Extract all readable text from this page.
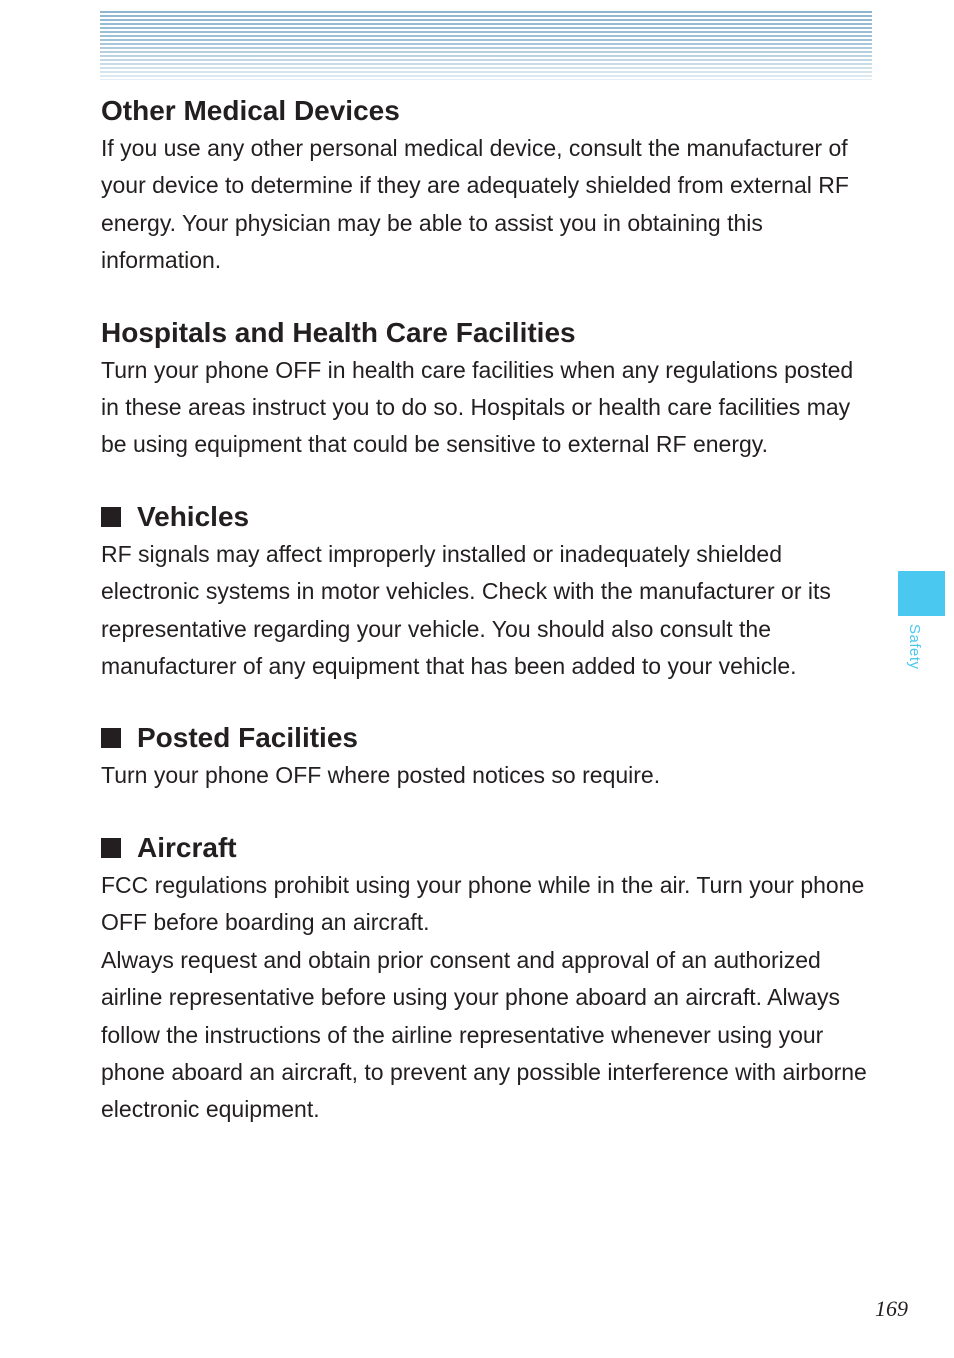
Other Medical Devices

If you use any other personal medical device, consult the manufacturer of your device to determine if they are adequately shielded from external RF energy. Your physician may be able to assist you in obtaining this information.

Hospitals and Health Care Facilities

Turn your phone OFF in health care facilities when any regulations posted in these areas instruct you to do so. Hospitals or health care facilities may be using equipment that could be sensitive to external RF energy.

Vehicles

RF signals may affect improperly installed or inadequately shielded electronic systems in motor vehicles. Check with the manufacturer or its representative regarding your vehicle. You should also consult the manufacturer of any equipment that has been added to your vehicle.

Posted Facilities

Turn your phone OFF where posted notices so require.

Aircraft

FCC regulations prohibit using your phone while in the air. Turn your phone OFF before boarding an aircraft.

Always request and obtain prior consent and approval of an authorized airline representative before using your phone aboard an aircraft. Always follow the instructions of the airline representative whenever using your phone aboard an aircraft, to prevent any possible interference with airborne electronic equipment.

Safety
169
